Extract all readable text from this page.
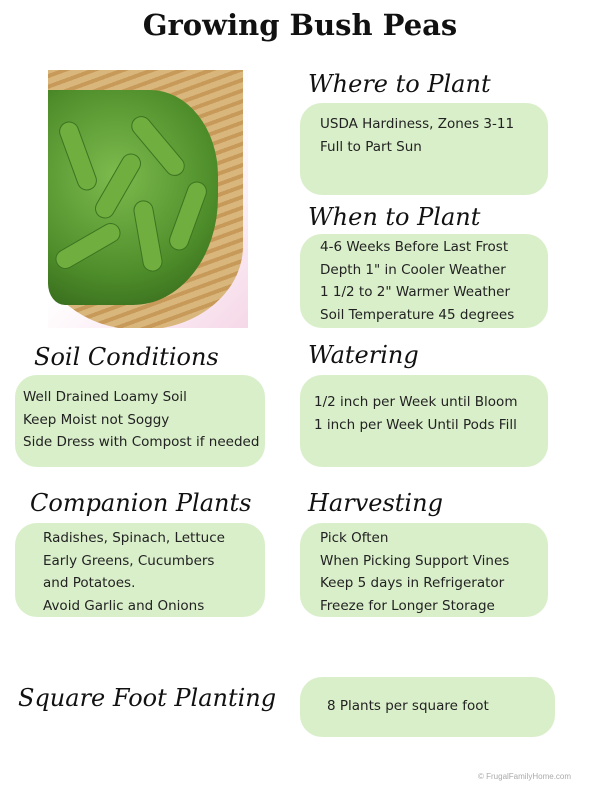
Growing Bush Peas
Where to Plant
USDA Hardiness, Zones 3-11
Full to Part Sun
When to Plant
4-6 Weeks Before Last Frost
Depth 1" in Cooler Weather
1 1/2 to 2" Warmer Weather
Soil Temperature 45 degrees
Soil Conditions
Well Drained Loamy Soil
Keep Moist not Soggy
Side Dress with Compost if needed
Watering
1/2 inch per Week until Bloom
1 inch per Week Until Pods Fill
Companion Plants
Radishes, Spinach, Lettuce
Early Greens, Cucumbers
and Potatoes.
Avoid Garlic and Onions
Harvesting
Pick Often
When Picking Support Vines
Keep 5 days in Refrigerator
Freeze for Longer Storage
Square Foot Planting	8 Plants per square foot
© FrugalFamilyHome.com
